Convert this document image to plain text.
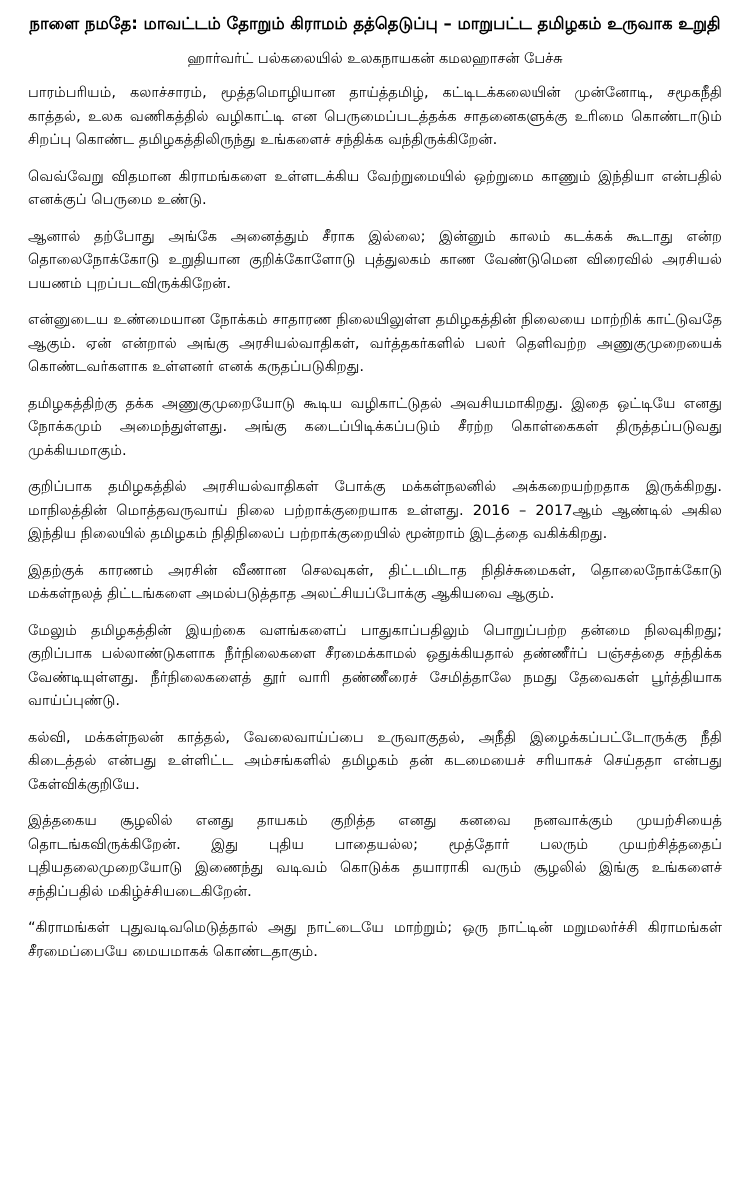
நாளை நமதே: மாவட்டம் தோறும் கிராமம் தத்தெடுப்பு – மாறுபட்ட தமிழகம் உருவாக உறுதி
ஹார்வர்ட் பல்கலையில் உலகநாயகன் கமலஹாசன் பேச்சு

பாரம்பரியம், கலாச்சாரம், மூத்தமொழியான தாய்த்தமிழ், கட்டிடக்கலையின் முன்னோடி, சமூகநீதி காத்தல், உலக வணிகத்தில் வழிகாட்டி என பெருமைப்படத்தக்க சாதனைகளுக்கு உரிமை கொண்டாடும் சிறப்பு கொண்ட தமிழகத்திலிருந்து உங்களைச் சந்திக்க வந்திருக்கிறேன்.

வெவ்வேறு விதமான கிராமங்களை உள்ளடக்கிய வேற்றுமையில் ஒற்றுமை காணும் இந்தியா என்பதில் எனக்குப் பெருமை உண்டு.

ஆனால் தற்போது அங்கே அனைத்தும் சீராக இல்லை; இன்னும் காலம் கடக்கக் கூடாது என்ற தொலைநோக்கோடு உறுதியான குறிக்கோளோடு புத்துலகம் காண வேண்டுமென விரைவில் அரசியல் பயணம் புறப்படவிருக்கிறேன்.

என்னுடைய உண்மையான நோக்கம் சாதாரண நிலையிலுள்ள தமிழகத்தின் நிலையை மாற்றிக் காட்டுவதே ஆகும். ஏன் என்றால் அங்கு அரசியல்வாதிகள், வர்த்தகர்களில் பலர் தெளிவற்ற அணுகுமுறையைக் கொண்டவர்களாக உள்ளனர் எனக் கருதப்படுகிறது.

தமிழகத்திற்கு தக்க அணுகுமுறையோடு கூடிய வழிகாட்டுதல் அவசியமாகிறது. இதை ஒட்டியே எனது நோக்கமும் அமைந்துள்ளது. அங்கு கடைப்பிடிக்கப்படும் சீரற்ற கொள்கைகள் திருத்தப்படுவது முக்கியமாகும்.

குறிப்பாக தமிழகத்தில் அரசியல்வாதிகள் போக்கு மக்கள்நலனில் அக்கறையற்றதாக இருக்கிறது. மாநிலத்தின் மொத்தவருவாய் நிலை பற்றாக்குறையாக உள்ளது. 2016 – 2017ஆம் ஆண்டில் அகில இந்திய நிலையில் தமிழகம் நிதிநிலைப் பற்றாக்குறையில் மூன்றாம் இடத்தை வகிக்கிறது.

இதற்குக் காரணம் அரசின் வீணான செலவுகள், திட்டமிடாத நிதிச்சுமைகள், தொலைநோக்கோடு மக்கள்நலத் திட்டங்களை அமல்படுத்தாத அலட்சியப்போக்கு ஆகியவை ஆகும்.

மேலும் தமிழகத்தின் இயற்கை வளங்களைப் பாதுகாப்பதிலும் பொறுப்பற்ற தன்மை நிலவுகிறது; குறிப்பாக பல்லாண்டுகளாக நீர்நிலைகளை சீரமைக்காமல் ஒதுக்கியதால் தண்ணீர்ப் பஞ்சத்தை சந்திக்க வேண்டியுள்ளது. நீர்நிலைகளைத் தூர் வாரி தண்ணீரைச் சேமித்தாலே நமது தேவைகள் பூர்த்தியாக வாய்ப்புண்டு.

கல்வி, மக்கள்நலன் காத்தல், வேலைவாய்ப்பை உருவாகுதல், அநீதி இழைக்கப்பட்டோருக்கு நீதி கிடைத்தல் என்பது உள்ளிட்ட அம்சங்களில் தமிழகம் தன் கடமையைச் சரியாகச் செய்ததா என்பது கேள்விக்குறியே.

இத்தகைய சூழலில் எனது தாயகம் குறித்த எனது கனவை நனவாக்கும் முயற்சியைத் தொடங்கவிருக்கிறேன். இது புதிய பாதையல்ல; மூத்தோர் பலரும் முயற்சித்ததைப் புதியதலைமுறையோடு இணைந்து வடிவம் கொடுக்க தயாராகி வரும் சூழலில் இங்கு உங்களைச் சந்திப்பதில் மகிழ்ச்சியடைகிறேன்.

“கிராமங்கள் புதுவடிவமெடுத்தால் அது நாட்டையே மாற்றும்; ஒரு நாட்டின் மறுமலர்ச்சி கிராமங்கள் சீரமைப்பையே மையமாகக் கொண்டதாகும்.
